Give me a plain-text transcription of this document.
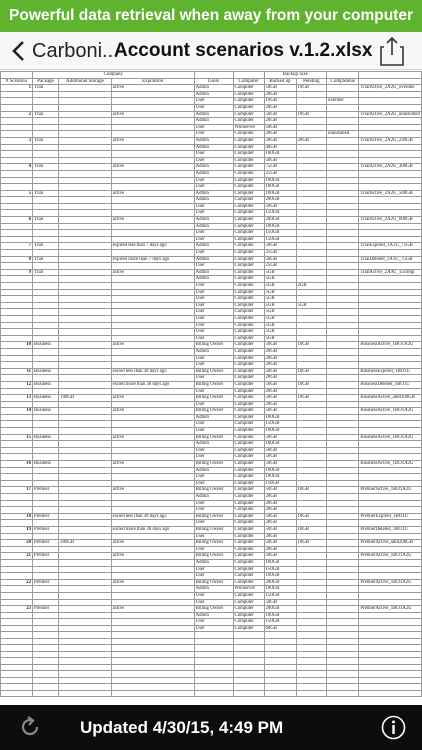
Powerful data retrieval when away from your computer
Carboni...
Account scenarios v.1.2.xlsx
	Company					Backup Size			
# Scenario	Package	Additional Storage	Expiration	Users	Computer	Backed up	Pending	CompStatus	
1	Trial		active	Admin	Computer	50GB	10GB		TrialActive_2A2U_overdue
				Admin	Computer	20GB			
				User	Computer	10GB		overdue	
				User	Computer	20GB			
2	Trial		active	Admin	Computer	50GB	10GB		TrialActive_2A2U_uninstalled
				Admin	Computer	20GB			
				User	WinServer	50GB			
				User	Computer	20GB		uninstalled	
3	Trial		active	Admin	Computer	50GB	20GB		TrialActive_2A2U_240GB
				Admin	Computer	40GB			
				User	Computer	100GB			
				User	Computer	50GB			
4	Trial		active	Admin	Computer	75GB			TrialActive_2A2U_300GB
				Admin	Computer	25GB			
				User	Computer	100GB			
				User	Computer	100GB			
5	Trial		active	Admin	Computer	100GB			TrialActive_2A2U_500GB
				Admin	Computer	200GB			
				User	Computer	50GB			
				User	Computer	150GB			
6	Trial		active	Admin	Computer	200GB			TrialActive_2A2U_600GB
				Admin	Computer	100GB			
				User	Computer	150GB			
				User	Computer	150GB			
7	Trial		expired less than 7 days ago	Admin	Computer	50GB			TrialExpired_1A1U_75GB
				User	Computer	25GB			
8	Trial		expired more than 7 days ago	Admin	Computer	50GB			TrialDeleted_1A1U_75GB
				User	Computer	25GB			
9	Trial		active	Admin	Computer	5GB			TrialActive_2A9U_15comp
				Admin	Computer	5GB			
				User	Computer	5GB	2GB		
				User	Computer	5GB			
				User	Computer	5GB			
				User	Computer	5GB	5GB		
				User	Computer	5GB			
				User	Computer	5GB			
				User	Computer	5GB			
				User	Computer	5GB			
				User	Computer	5GB			
10	Business		active	Billing Owner	Computer	50GB	10GB		BusinessActive_1BO1A2U
				Admin	Computer	20GB			
				User	Computer	20GB			
				User	Computer	20GB			
11	Business		exired less than 30 days ago	Billing Owner	Computer	50GB	10GB		BusinessExpired_1BO1U
				User	Computer	20GB			
12	Business		exired more than 30 days ago	Billing Owner	Computer	50GB	10GB		BusinessDeleted_1BO1U
				User	Computer	20GB			
13	Business	100GB	active	Billing Owner	Computer	50GB	10GB		BusinessActive_addl100GB
				User	Computer	20GB			
14	Business		active	Billing Owner	Computer	50GB			BusinessActive_1BO1A2U
				Admin	Computer	100GB			
				User	Computer	150GB			
				User	Computer	100GB			
15	Business		active	Billing Owner	Computer	50GB			BusinessActive_1BO1A2U
				Admin	Computer	100GB			
				User	Computer	50GB			
				User	Computer	50GB			
16	Business		active	Billing Owner	Computer	50GB			BusinessActive_1BO1A2U
				Admin	Computer	100GB			
				User	Computer	100GB			
				User	Computer	110GB			
17	Premier		active	Billing Owner	Computer	50GB	10GB		PremierActive_1BO1A2U
				Admin	Computer	20GB			
				User	Computer	20GB			
				User	Computer	20GB			
18	Premier		exired less than 30 days ago	Billing Owner	Computer	50GB	10GB		PremierExpired_1BO1U
				User	Computer	20GB			
19	Premier		exired more than 30 days ago	Billing Owner	Computer	50GB	10GB		PremierDeleted_1BO1U
				User	Computer	20GB			
20	Premier	200GB	active	Billing Owner	Computer	50GB	10GB		PremierActive_addl200GB
				User	Computer	20GB			
21	Premier		active	Billing Owner	Computer	50GB			PremierActive_1BO1A2U
				Admin	Computer	100GB			
				User	Computer	150GB			
				User	Computer	100GB			
22	Premier		active	Billing Owner	Computer	200GB			PremierActive_1BO1A2U
				Admin	WinServer	100GB			
				User	Computer	150GB			
				User	Computer	50GB			
23	Premier		active	Billing Owner	Computer	200GB			PremierActive_1BO1A2U
				Admin	Computer	100GB			
				User	Computer	150GB			
				User	Computer	60GB			

Updated 4/30/15, 4:49 PM
